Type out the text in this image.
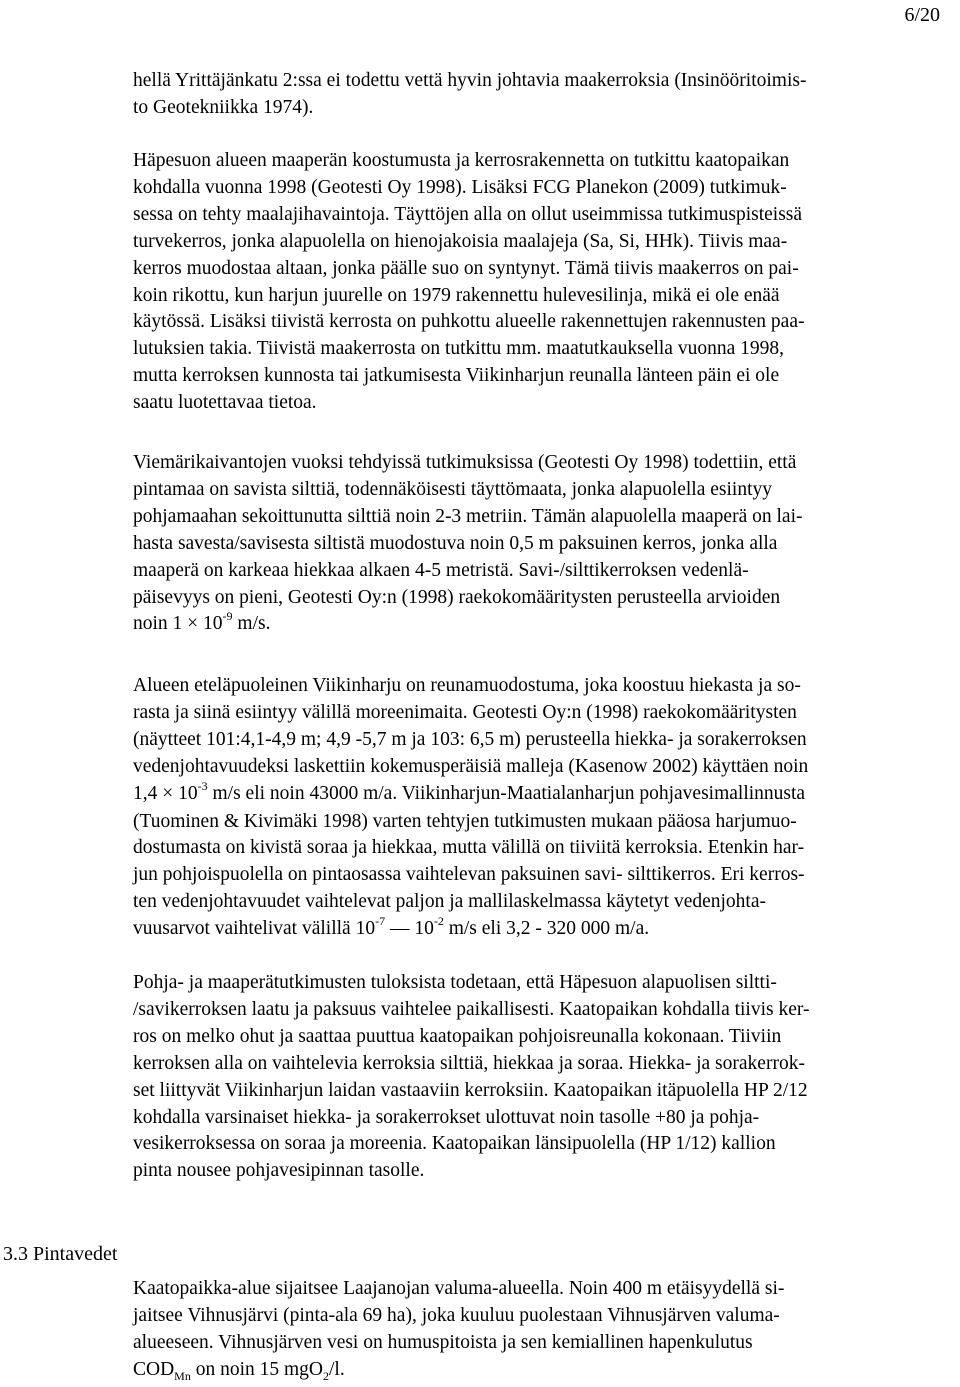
6/20
hellä Yrittäjänkatu 2:ssa ei todettu vettä hyvin johtavia maakerroksia (Insinööritoimis-
to Geotekniikka 1974).
Häpesuon alueen maaperän koostumusta ja kerrosrakennetta on tutkittu kaatopaikan
kohdalla vuonna 1998 (Geotesti Oy 1998). Lisäksi FCG Planekon (2009) tutkimuk-
sessa on tehty maalajihavaintoja. Täyttöjen alla on ollut useimmissa tutkimuspisteissä
turvekerros, jonka alapuolella on hienojakoisia maalajeja (Sa, Si, HHk). Tiivis maa-
kerros muodostaa altaan, jonka päälle suo on syntynyt. Tämä tiivis maakerros on pai-
koin rikottu, kun harjun juurelle on 1979 rakennettu hulevesilinja, mikä ei ole enää
käytössä. Lisäksi tiivistä kerrosta on puhkottu alueelle rakennettujen rakennusten paa-
lutuksien takia. Tiivistä maakerrosta on tutkittu mm. maatutkauksella vuonna 1998,
mutta kerroksen kunnosta tai jatkumisesta Viikinharjun reunalla länteen päin ei ole
saatu luotettavaa tietoa.
Viemärikaivantojen vuoksi tehdyissä tutkimuksissa (Geotesti Oy 1998) todettiin, että
pintamaa on savista silttiä, todennäköisesti täyttömaata, jonka alapuolella esiintyy
pohjamaahan sekoittunutta silttiä noin 2-3 metriin. Tämän alapuolella maaperä on lai-
hasta savesta/savisesta siltistä muodostuva noin 0,5 m paksuinen kerros, jonka alla
maaperä on karkeaa hiekkaa alkaen 4-5 metristä. Savi-/silttikerroksen vedenlä-
päisevyys on pieni, Geotesti Oy:n (1998) raekokomääritysten perusteella arvioiden
noin $1 \times 10^{-9}$ m/s.
Alueen eteläpuoleinen Viikinharju on reunamuodostuma, joka koostuu hiekasta ja so-
rasta ja siinä esiintyy välillä moreenimaita. Geotesti Oy:n (1998) raekokomääritysten
(näytteet 101:4,1-4,9 m; 4,9 -5,7 m ja 103: 6,5 m) perusteella hiekka- ja sorakerroksen
vedenjohtavuudeksi laskettiin kokemusperäisiä malleja (Kasenow 2002) käyttäen noin
$1,4 \times 10^{-3}$ m/s eli noin 43000 m/a. Viikinharjun-Maatialanharjun pohjavesimallinnusta
(Tuominen & Kivimäki 1998) varten tehtyjen tutkimusten mukaan pääosa harjumuo-
dostumasta on kivistä soraa ja hiekkaa, mutta välillä on tiiviitä kerroksia. Etenkin har-
jun pohjoispuolella on pintaosassa vaihtelevan paksuinen savi- silttikerros. Eri kerros-
ten vedenjohtavuudet vaihtelevat paljon ja mallilaskelmassa käytetyt vedenjohta-
vuusarvot vaihtelivat välillä $10^{-7}$ — $10^{-2}$ m/s eli 3,2 - 320 000 m/a.
Pohja- ja maaperätutkimusten tuloksista todetaan, että Häpesuon alapuolisen siltti-
/savikerroksen laatu ja paksuus vaihtelee paikallisesti. Kaatopaikan kohdalla tiivis ker-
ros on melko ohut ja saattaa puuttua kaatopaikan pohjoisreunalla kokonaan. Tiiviin
kerroksen alla on vaihtelevia kerroksia silttiä, hiekkaa ja soraa. Hiekka- ja sorakerrok-
set liittyvät Viikinharjun laidan vastaaviin kerroksiin. Kaatopaikan itäpuolella HP 2/12
kohdalla varsinaiset hiekka- ja sorakerrokset ulottuvat noin tasolle +80 ja pohja-
vesikerroksessa on soraa ja moreenia. Kaatopaikan länsipuolella (HP 1/12) kallion
pinta nousee pohjavesipinnan tasolle.
3.3 Pintavedet
Kaatopaikka-alue sijaitsee Laajanojan valuma-alueella. Noin 400 m etäisyydellä si-
jaitsee Vihnusjärvi (pinta-ala 69 ha), joka kuuluu puolestaan Vihnusjärven valuma-
alueeseen. Vihnusjärven vesi on humuspitoista ja sen kemiallinen hapenkulutus
$COD_{Mn}$ on noin 15 mgO$_2$/l.
